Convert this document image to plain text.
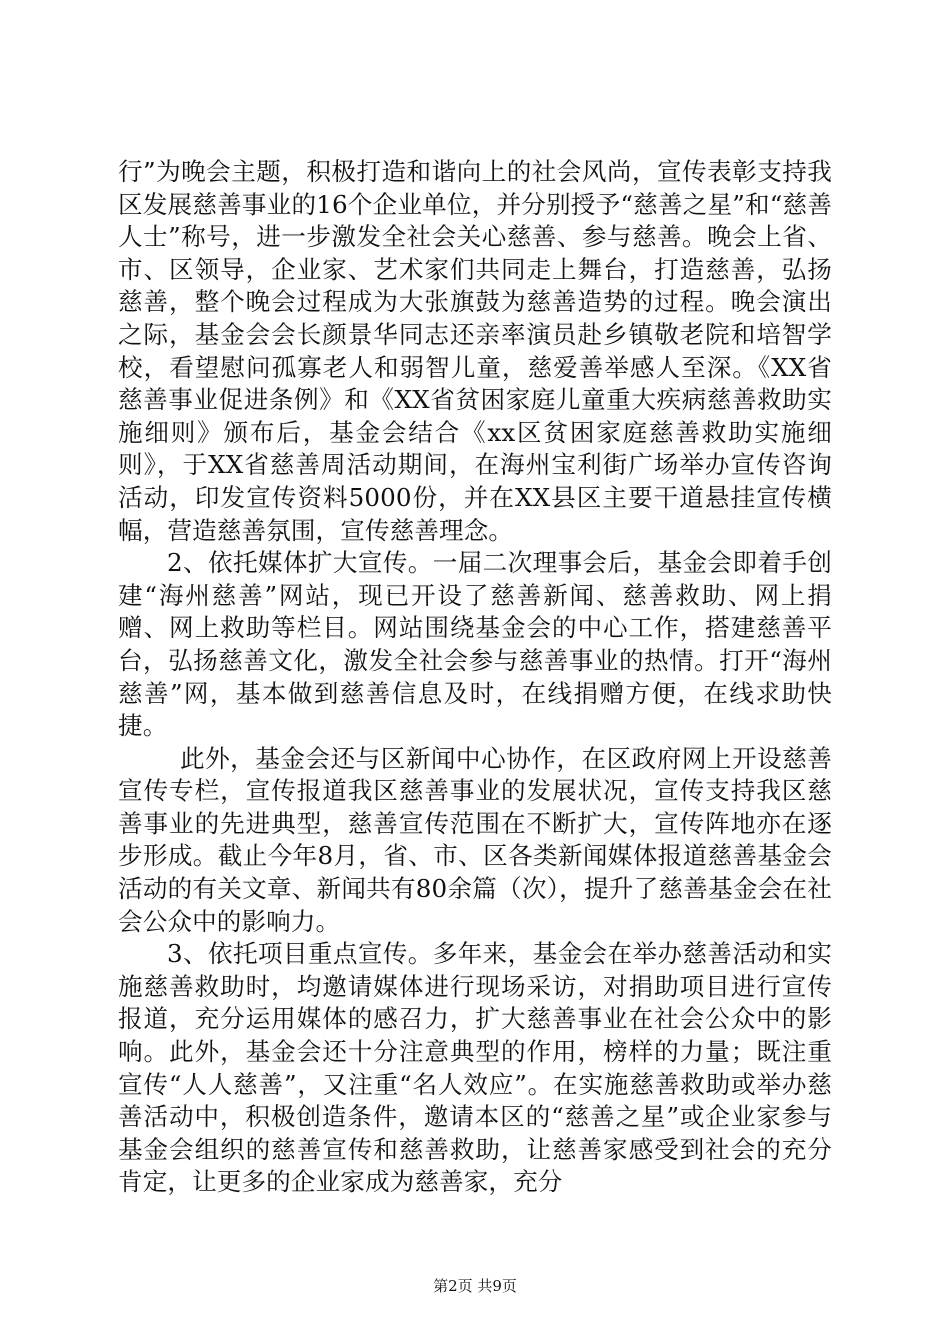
行”为晚会主题，积极打造和谐向上的社会风尚，宣传表彰支持我区发展慈善事业的16个企业单位，并分别授予“慈善之星”和“慈善人士”称号，进一步激发全社会关心慈善、参与慈善。晚会上省、市、区领导，企业家、艺术家们共同走上舞台，打造慈善，弘扬慈善，整个晚会过程成为大张旗鼓为慈善造势的过程。晚会演出之际，基金会会长颜景华同志还亲率演员赴乡镇敬老院和培智学校，看望慰问孤寡老人和弱智儿童，慈爱善举感人至深。《XX省慈善事业促进条例》和《XX省贫困家庭儿童重大疾病慈善救助实施细则》颁布后，基金会结合《xx区贫困家庭慈善救助实施细则》，于XX省慈善周活动期间，在海州宝利街广场举办宣传咨询活动，印发宣传资料5000份，并在XX县区主要干道悬挂宣传横幅，营造慈善氛围，宣传慈善理念。

2、依托媒体扩大宣传。一届二次理事会后，基金会即着手创建“海州慈善”网站，现已开设了慈善新闻、慈善救助、网上捐赠、网上救助等栏目。网站围绕基金会的中心工作，搭建慈善平台，弘扬慈善文化，激发全社会参与慈善事业的热情。打开“海州慈善”网，基本做到慈善信息及时，在线捐赠方便，在线求助快捷。

此外，基金会还与区新闻中心协作，在区政府网上开设慈善宣传专栏，宣传报道我区慈善事业的发展状况，宣传支持我区慈善事业的先进典型，慈善宣传范围在不断扩大，宣传阵地亦在逐步形成。截止今年8月，省、市、区各类新闻媒体报道慈善基金会活动的有关文章、新闻共有80余篇（次），提升了慈善基金会在社会公众中的影响力。

3、依托项目重点宣传。多年来，基金会在举办慈善活动和实施慈善救助时，均邀请媒体进行现场采访，对捐助项目进行宣传报道，充分运用媒体的感召力，扩大慈善事业在社会公众中的影响。此外，基金会还十分注意典型的作用，榜样的力量；既注重宣传“人人慈善”，又注重“名人效应”。在实施慈善救助或举办慈善活动中，积极创造条件，邀请本区的“慈善之星”或企业家参与基金会组织的慈善宣传和慈善救助，让慈善家感受到社会的充分肯定，让更多的企业家成为慈善家，充分

第2页 共9页
